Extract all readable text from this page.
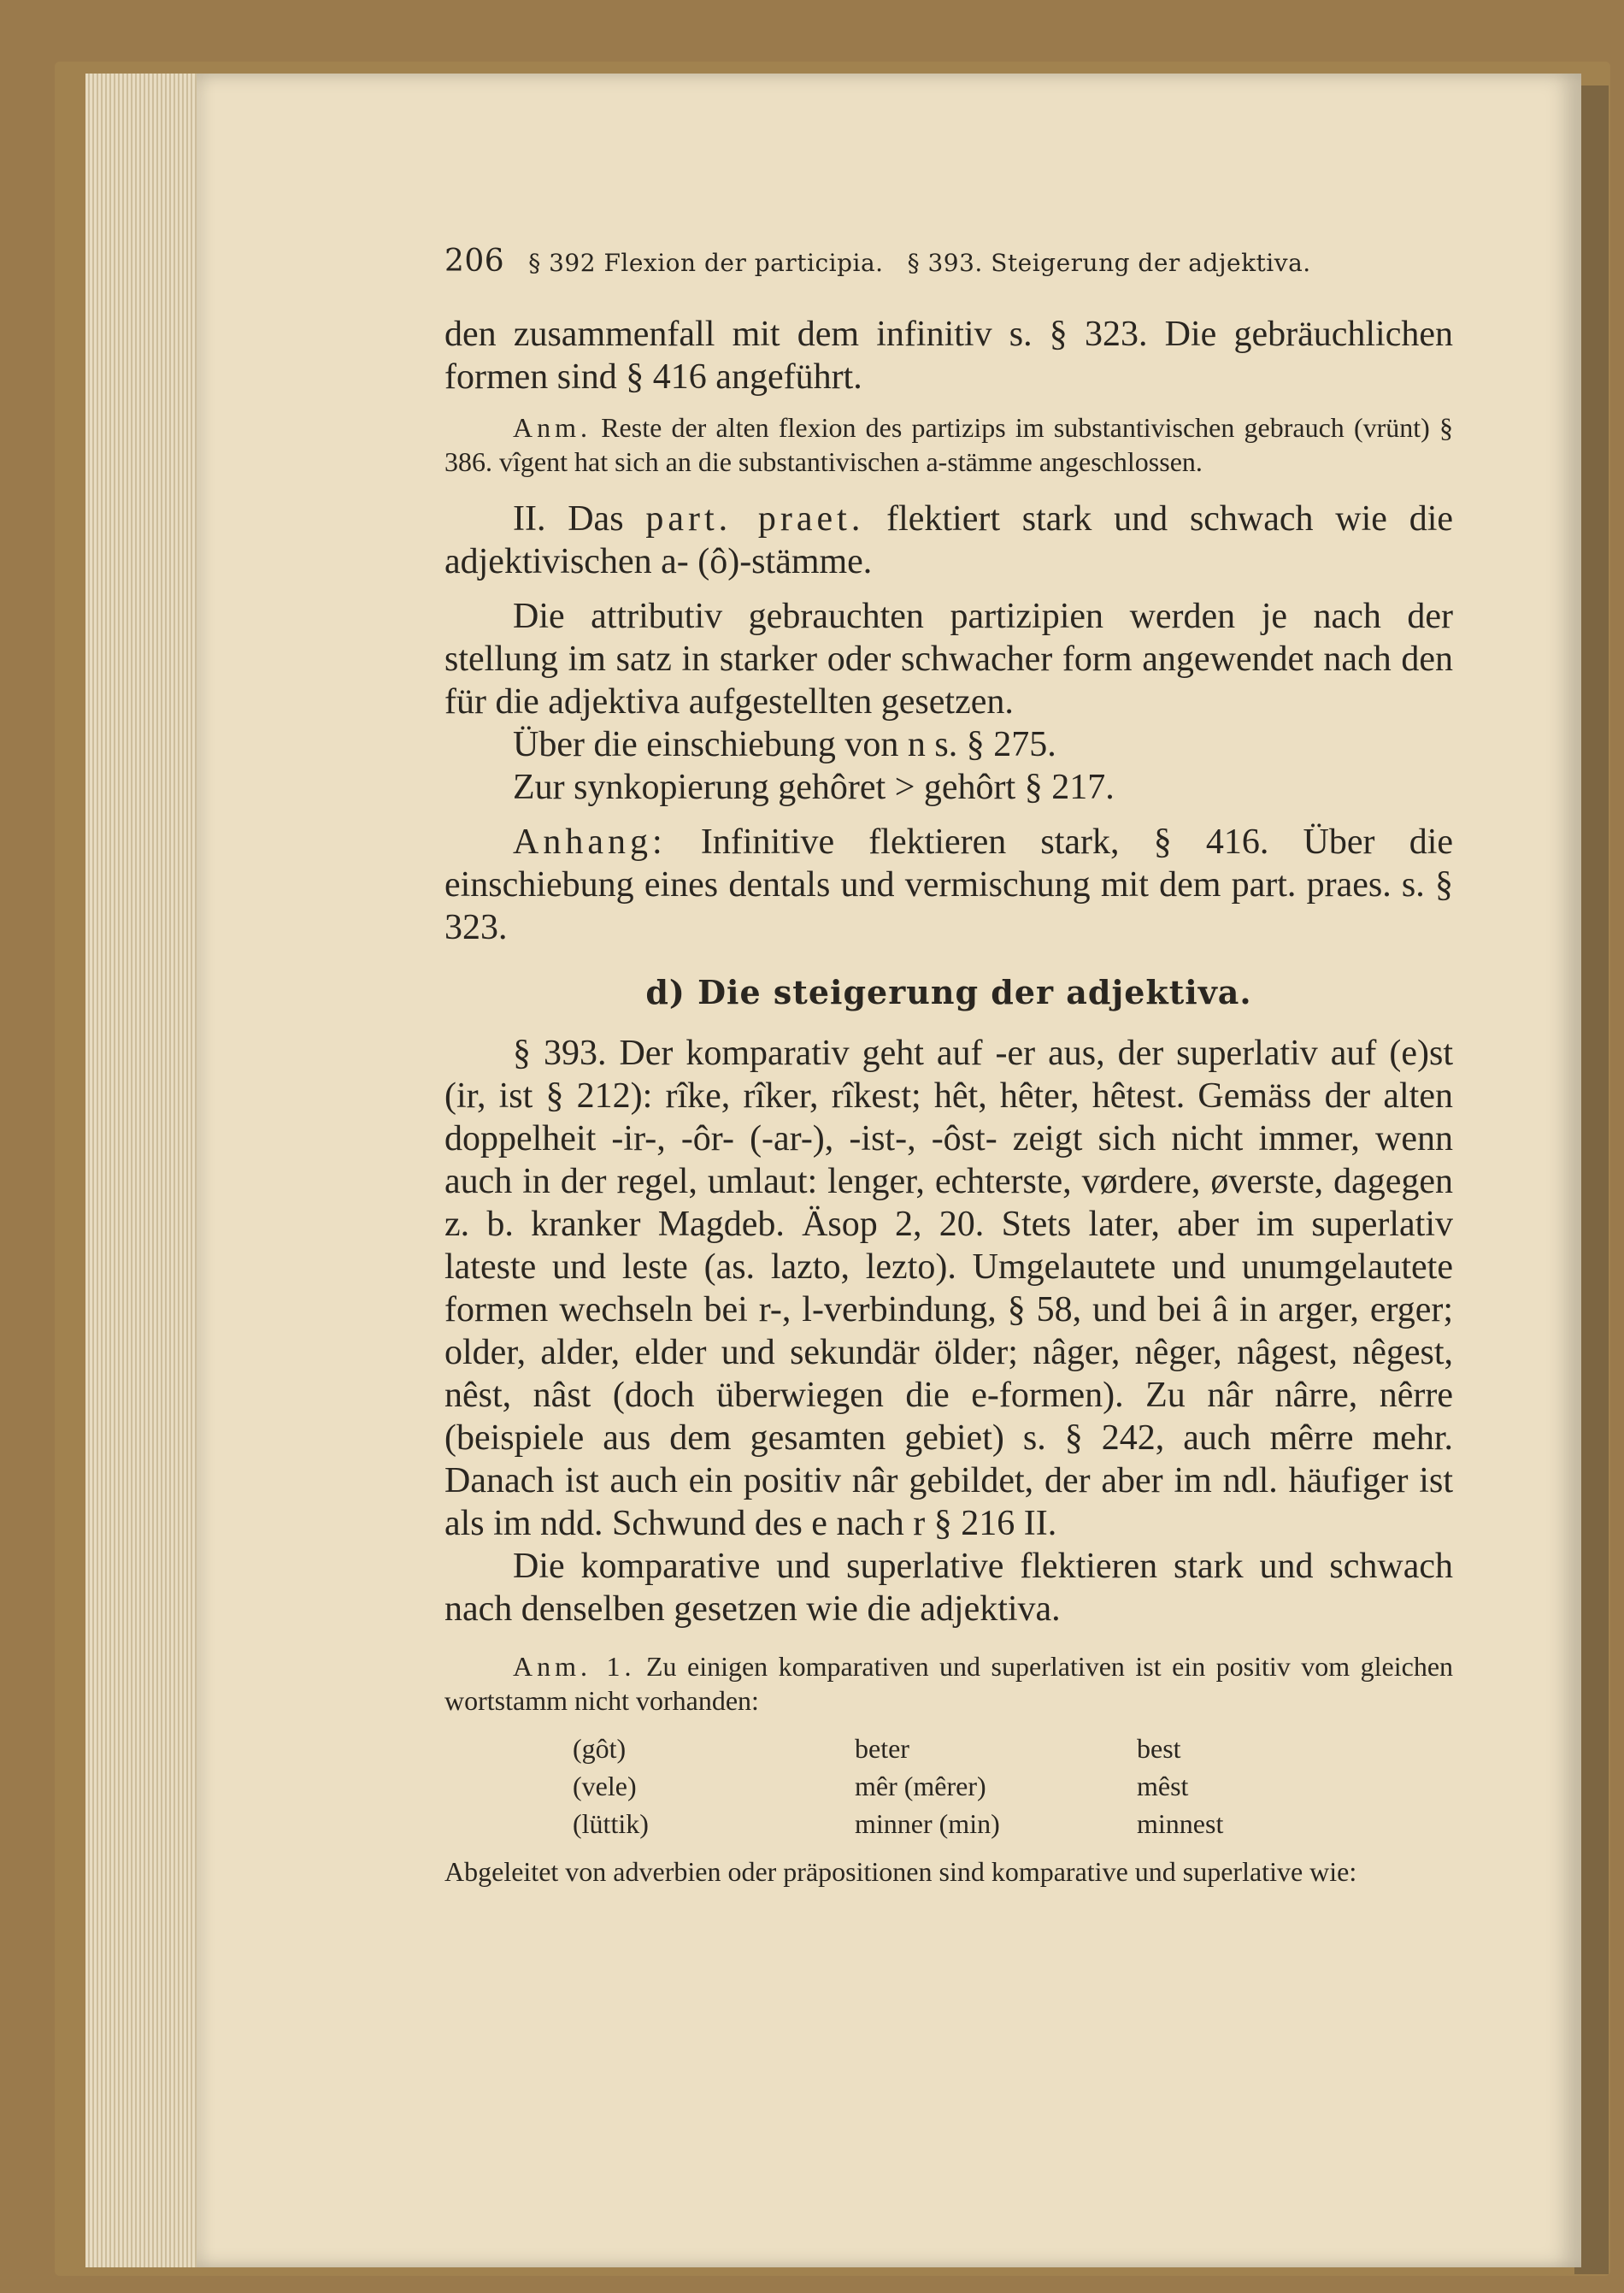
206 § 392 Flexion der participia. § 393. Steigerung der adjektiva.

den zusammenfall mit dem infinitiv s. § 323. Die gebräuchlichen formen sind § 416 angeführt.

Anm. Reste der alten flexion des partizips im substantivischen gebrauch (vrünt) § 386. vîgent hat sich an die substantivischen a-stämme angeschlossen.

II. Das part. praet. flektiert stark und schwach wie die adjektivischen a- (ô)-stämme.

Die attributiv gebrauchten partizipien werden je nach der stellung im satz in starker oder schwacher form angewendet nach den für die adjektiva aufgestellten gesetzen.

Über die einschiebung von n s. § 275.

Zur synkopierung gehôret > gehôrt § 217.

Anhang: Infinitive flektieren stark, § 416. Über die einschiebung eines dentals und vermischung mit dem part. praes. s. § 323.

d) Die steigerung der adjektiva.

§ 393. Der komparativ geht auf -er aus, der superlativ auf (e)st (ir, ist § 212): rîke, rîker, rîkest; hêt, hêter, hêtest. Gemäss der alten doppelheit -ir-, -ôr- (-ar-), -ist-, -ôst- zeigt sich nicht immer, wenn auch in der regel, umlaut: lenger, echterste, vørdere, øverste, dagegen z. b. kranker Magdeb. Äsop 2, 20. Stets later, aber im superlativ lateste und leste (as. lazto, lezto). Umgelautete und unumgelautete formen wechseln bei r-, l-verbindung, § 58, und bei â in arger, erger; older, alder, elder und sekundär ölder; nâger, nêger, nâgest, nêgest, nêst, nâst (doch überwiegen die e-formen). Zu nâr nârre, nêrre (beispiele aus dem gesamten gebiet) s. § 242, auch mêrre mehr. Danach ist auch ein positiv nâr gebildet, der aber im ndl. häufiger ist als im ndd. Schwund des e nach r § 216 II.

Die komparative und superlative flektieren stark und schwach nach denselben gesetzen wie die adjektiva.

Anm. 1. Zu einigen komparativen und superlativen ist ein positiv vom gleichen wortstamm nicht vorhanden:

(gôt)	beter	best
(vele)	mêr (mêrer)	mêst
(lüttik)	minner (min)	minnest

Abgeleitet von adverbien oder präpositionen sind komparative und superlative wie:
